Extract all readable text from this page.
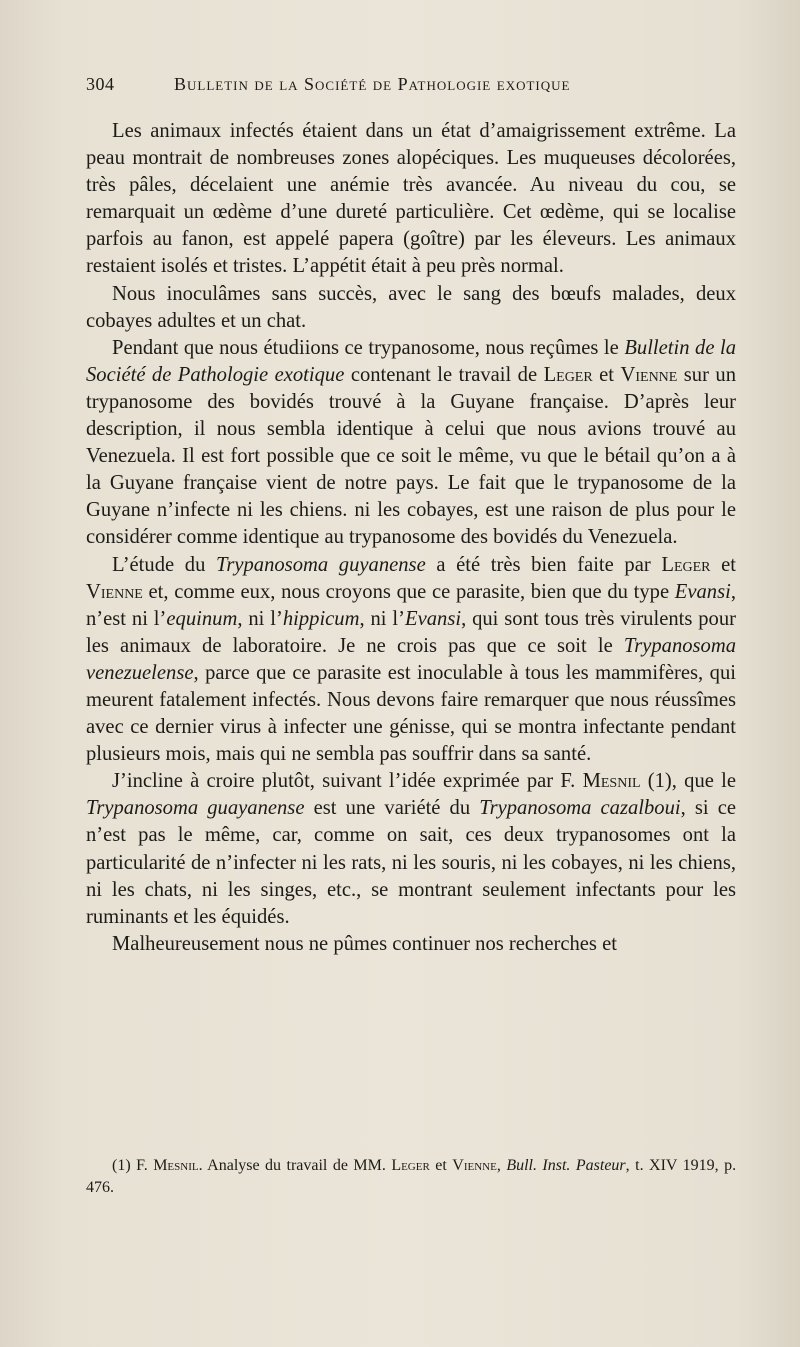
304	Bulletin de la Société de Pathologie exotique

Les animaux infectés étaient dans un état d’amaigrissement extrême. La peau montrait de nombreuses zones alopéciques. Les muqueuses décolorées, très pâles, décelaient une anémie très avancée. Au niveau du cou, se remarquait un œdème d’une dureté particulière. Cet œdème, qui se localise parfois au fanon, est appelé papera (goître) par les éleveurs. Les animaux restaient isolés et tristes. L’appétit était à peu près normal.

Nous inoculâmes sans succès, avec le sang des bœufs malades, deux cobayes adultes et un chat.

Pendant que nous étudiions ce trypanosome, nous reçûmes le Bulletin de la Société de Pathologie exotique contenant le travail de Leger et Vienne sur un trypanosome des bovidés trouvé à la Guyane française. D’après leur description, il nous sembla identique à celui que nous avions trouvé au Venezuela. Il est fort possible que ce soit le même, vu que le bétail qu’on a à la Guyane française vient de notre pays. Le fait que le trypanosome de la Guyane n’infecte ni les chiens. ni les cobayes, est une raison de plus pour le considérer comme identique au trypanosome des bovidés du Venezuela.

L’étude du Trypanosoma guyanense a été très bien faite par Leger et Vienne et, comme eux, nous croyons que ce parasite, bien que du type Evansi, n’est ni l’equinum, ni l’hippicum, ni l’Evansi, qui sont tous très virulents pour les animaux de laboratoire. Je ne crois pas que ce soit le Trypanosoma venezuelense, parce que ce parasite est inoculable à tous les mammifères, qui meurent fatalement infectés. Nous devons faire remarquer que nous réussîmes avec ce dernier virus à infecter une génisse, qui se montra infectante pendant plusieurs mois, mais qui ne sembla pas souffrir dans sa santé.

J’incline à croire plutôt, suivant l’idée exprimée par F. Mesnil (1), que le Trypanosoma guayanense est une variété du Trypanosoma cazalboui, si ce n’est pas le même, car, comme on sait, ces deux trypanosomes ont la particularité de n’infecter ni les rats, ni les souris, ni les cobayes, ni les chiens, ni les chats, ni les singes, etc., se montrant seulement infectants pour les ruminants et les équidés.

Malheureusement nous ne pûmes continuer nos recherches et

(1) F. Mesnil. Analyse du travail de MM. Leger et Vienne, Bull. Inst. Pasteur, t. XIV 1919, p. 476.
